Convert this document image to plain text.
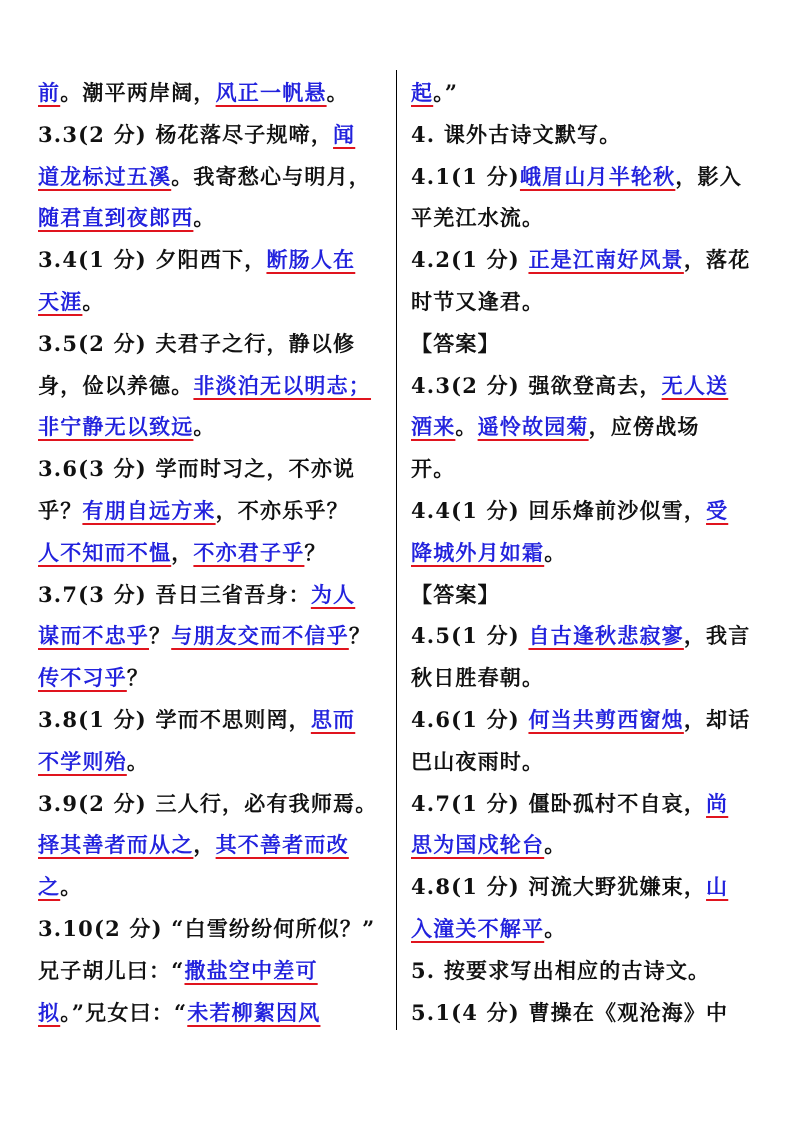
前。潮平两岸阔，风正一帆悬。
3.3(2 分) 杨花落尽子规啼，闻
道龙标过五溪。我寄愁心与明月，
随君直到夜郎西。
3.4(1 分) 夕阳西下，断肠人在
天涯。
3.5(2 分) 夫君子之行，静以修
身，俭以养德。非淡泊无以明志；
非宁静无以致远。
3.6(3 分) 学而时习之，不亦说
乎？有朋自远方来，不亦乐乎？
人不知而不愠，不亦君子乎？
3.7(3 分) 吾日三省吾身：为人
谋而不忠乎？与朋友交而不信乎？
传不习乎？
3.8(1 分) 学而不思则罔，思而
不学则殆。
3.9(2 分) 三人行，必有我师焉。
择其善者而从之，其不善者而改
之。
3.10(2 分) “白雪纷纷何所似？”
兄子胡儿曰：“撒盐空中差可
拟。”兄女曰：“未若柳絮因风
起。”
4. 课外古诗文默写。
4.1(1 分)峨眉山月半轮秋，影入
平羌江水流。
4.2(1 分) 正是江南好风景，落花
时节又逢君。
【答案】
4.3(2 分) 强欲登高去，无人送
酒来。遥怜故园菊，应傍战场
开。
4.4(1 分) 回乐烽前沙似雪，受
降城外月如霜。
【答案】
4.5(1 分) 自古逢秋悲寂寥，我言
秋日胜春朝。
4.6(1 分) 何当共剪西窗烛，却话
巴山夜雨时。
4.7(1 分) 僵卧孤村不自哀，尚
思为国戍轮台。
4.8(1 分) 河流大野犹嫌束，山
入潼关不解平。
5. 按要求写出相应的古诗文。
5.1(4 分) 曹操在《观沧海》中
